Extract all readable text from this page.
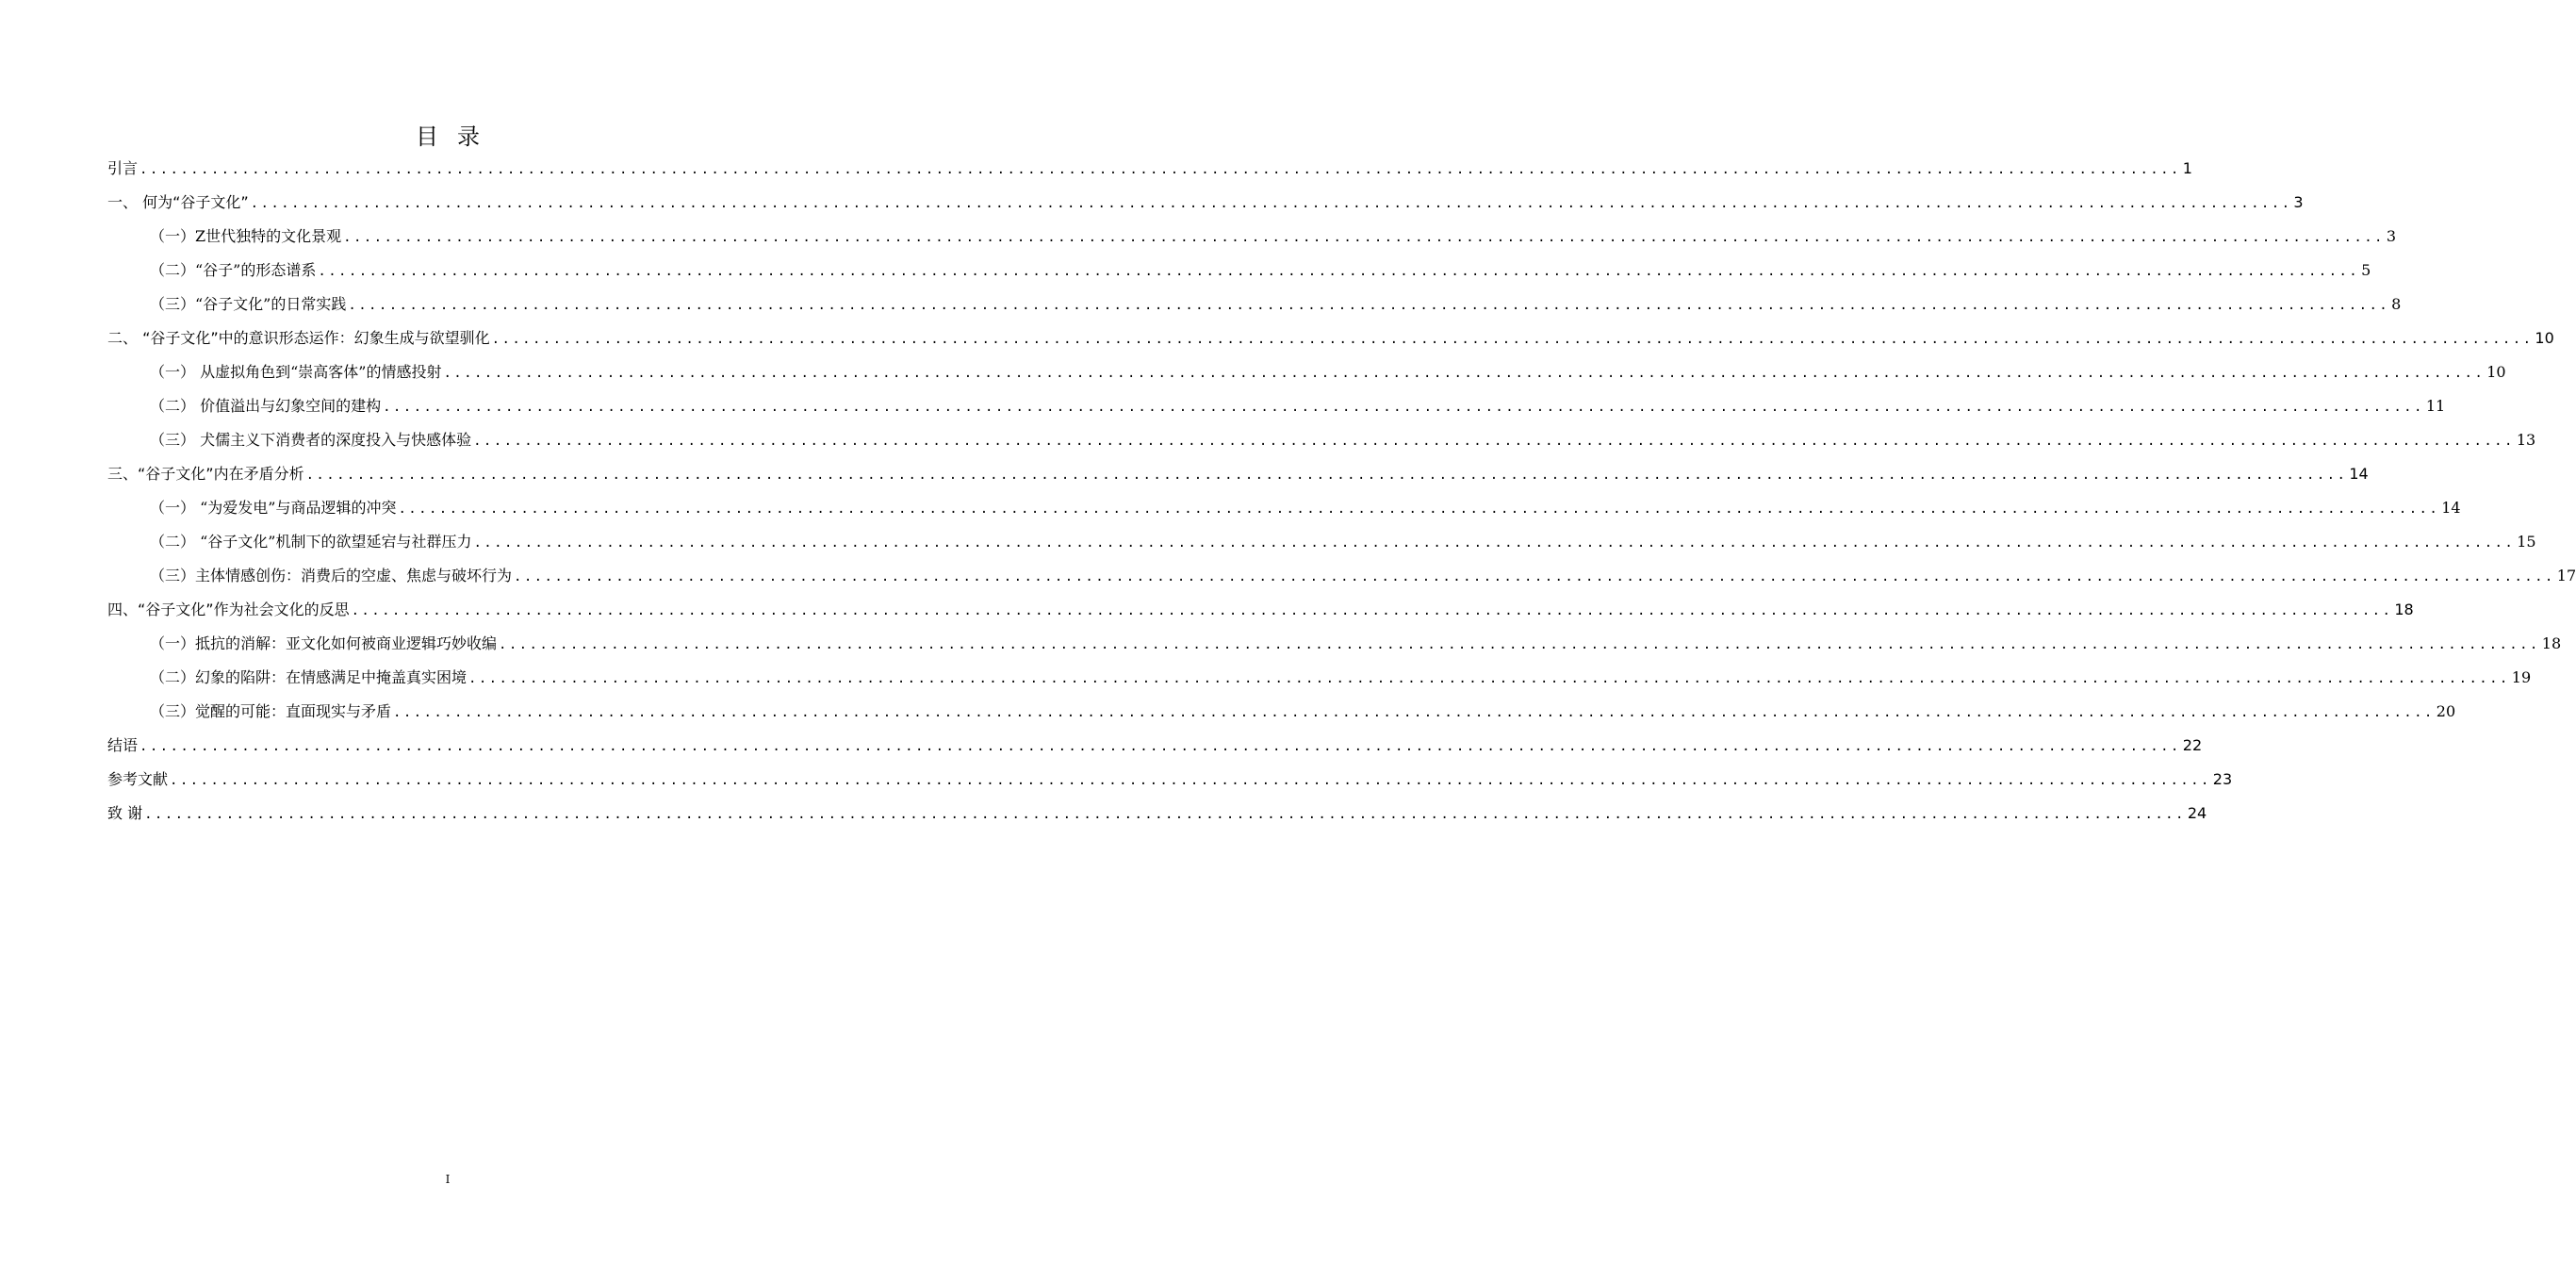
目录
引言 ........................................................................................................................................................................................................ 1
一、 何为“谷子文化” ........................................................................................................................................................................................................ 3
（一）Z世代独特的文化景观 ........................................................................................................................................................................................................ 3
（二）“谷子”的形态谱系 ........................................................................................................................................................................................................ 5
（三）“谷子文化”的日常实践 ........................................................................................................................................................................................................ 8
二、 “谷子文化”中的意识形态运作：幻象生成与欲望驯化 ........................................................................................................................................................................................................ 10
（一） 从虚拟角色到“崇高客体”的情感投射 ........................................................................................................................................................................................................ 10
（二） 价值溢出与幻象空间的建构 ........................................................................................................................................................................................................ 11
（三） 犬儒主义下消费者的深度投入与快感体验 ........................................................................................................................................................................................................ 13
三、“谷子文化”内在矛盾分析 ........................................................................................................................................................................................................ 14
（一） “为爱发电”与商品逻辑的冲突 ........................................................................................................................................................................................................ 14
（二） “谷子文化”机制下的欲望延宕与社群压力 ........................................................................................................................................................................................................ 15
（三）主体情感创伤：消费后的空虚、焦虑与破坏行为 ........................................................................................................................................................................................................ 17
四、“谷子文化”作为社会文化的反思 ........................................................................................................................................................................................................ 18
（一）抵抗的消解：亚文化如何被商业逻辑巧妙收编 ........................................................................................................................................................................................................ 18
（二）幻象的陷阱：在情感满足中掩盖真实困境 ........................................................................................................................................................................................................ 19
（三）觉醒的可能：直面现实与矛盾 ........................................................................................................................................................................................................ 20
结语 ........................................................................................................................................................................................................ 22
参考文献 ........................................................................................................................................................................................................ 23
致 谢 ........................................................................................................................................................................................................ 24
I
